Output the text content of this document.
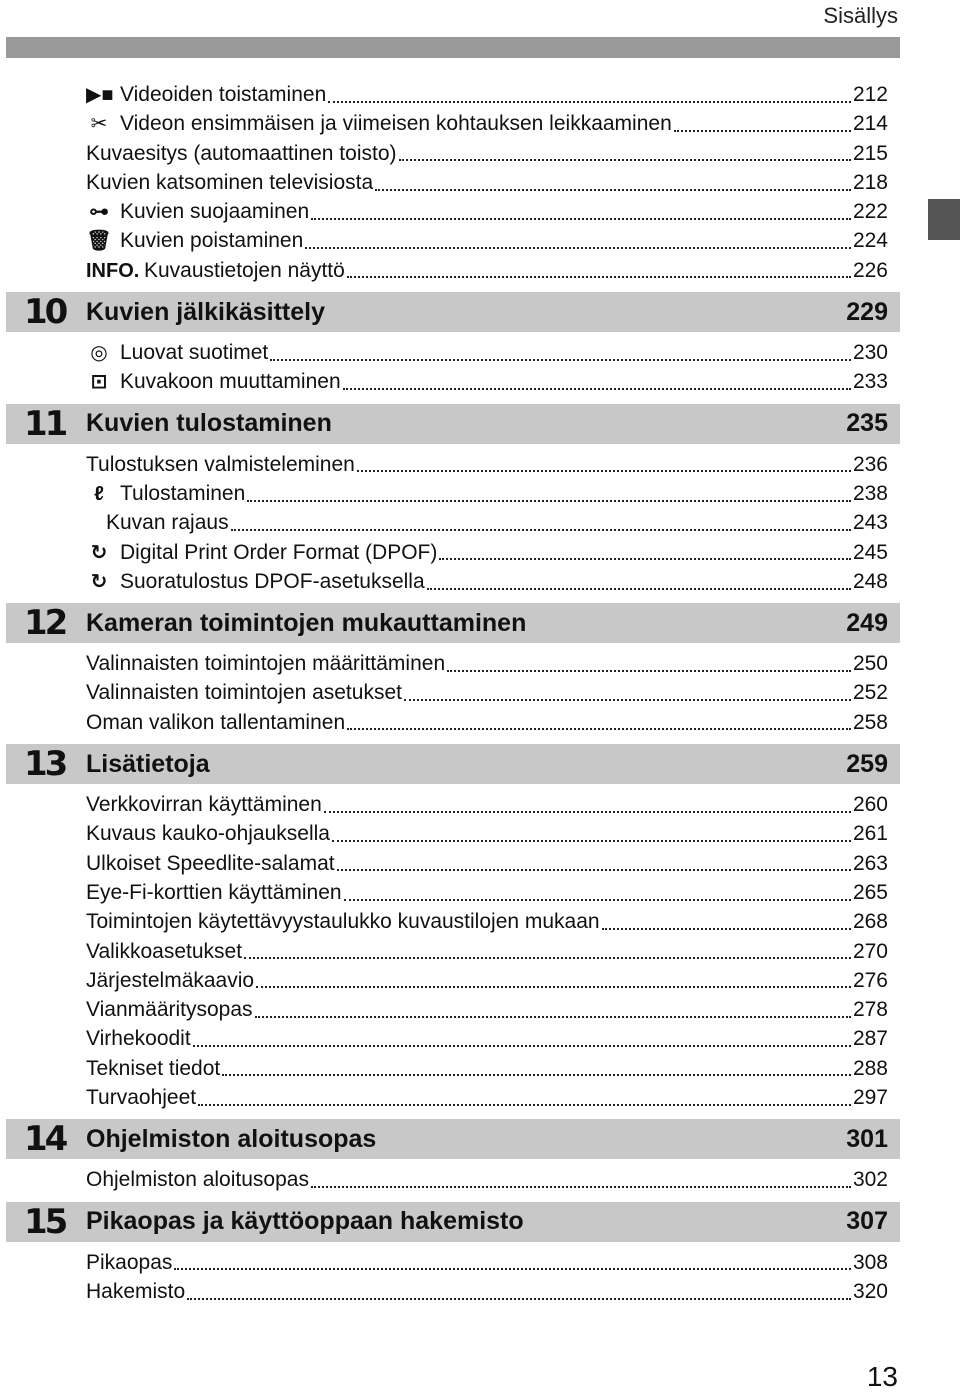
Sisällys
▶■ Videoiden toistaminen	212
✂ Videon ensimmäisen ja viimeisen kohtauksen leikkaaminen	214
Kuvaesitys (automaattinen toisto)	215
Kuvien katsominen televisiosta	218
⊶ Kuvien suojaaminen	222
🗑 Kuvien poistaminen	224
INFO. Kuvaustietojen näyttö	226
10 Kuvien jälkikäsittely	229
◎ Luovat suotimet	230
⊡ Kuvakoon muuttaminen	233
11 Kuvien tulostaminen	235
Tulostuksen valmisteleminen	236
ℓ Tulostaminen	238
Kuvan rajaus	243
↻ Digital Print Order Format (DPOF)	245
↻ Suoratulostus DPOF-asetuksella	248
12 Kameran toimintojen mukauttaminen	249
Valinnaisten toimintojen määrittäminen	250
Valinnaisten toimintojen asetukset	252
Oman valikon tallentaminen	258
13 Lisätietoja	259
Verkkovirran käyttäminen	260
Kuvaus kauko-ohjauksella	261
Ulkoiset Speedlite-salamat	263
Eye-Fi-korttien käyttäminen	265
Toimintojen käytettävyystaulukko kuvaustilojen mukaan	268
Valikkoasetukset	270
Järjestelmäkaavio	276
Vianmääritysopas	278
Virhekoodit	287
Tekniset tiedot	288
Turvaohjeet	297
14 Ohjelmiston aloitusopas	301
Ohjelmiston aloitusopas	302
15 Pikaopas ja käyttöoppaan hakemisto	307
Pikaopas	308
Hakemisto	320
13
